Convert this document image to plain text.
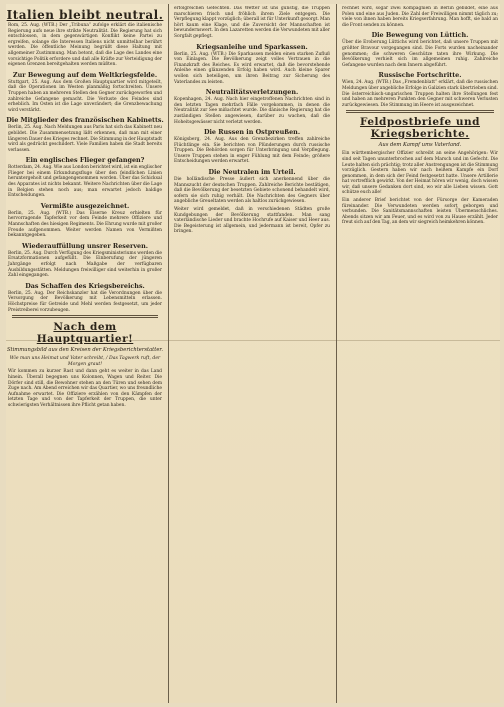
Italien bleibt neutral.
Rom, 25. Aug. (WTB.) Der „Tribuna“ zufolge erklärt die italienische Regierung aufs neue ihre strikte Neutralität. Die Regierung hat sich entschlossen, in dem gegenwärtigen Konflikt keine Partei zu ergreifen, solange die Interessen Italiens nicht unmittelbar berührt werden. Die öffentliche Meinung begrüßt diese Haltung mit allgemeiner Zustimmung. Man betont, daß die Lage des Landes eine vorsichtige Politik erfordere und daß alle Kräfte zur Verteidigung der eigenen Grenzen bereitgehalten werden müßten.
Zur Bewegung auf dem Weltkriegsfelde.
Stuttgart, 25. Aug. Aus dem Großen Hauptquartier wird mitgeteilt, daß die Operationen im Westen planmäßig fortschreiten. Unsere Truppen haben an mehreren Stellen den Gegner zurückgeworfen und zahlreiche Gefangene gemacht. Die Verluste des Feindes sind erheblich. Im Osten ist die Lage unverändert; die Grenzbewachung wird verstärkt.
Die Mitglieder des französischen Kabinetts.
Berlin, 25. Aug. Nach Meldungen aus Paris hat sich das Kabinett neu gebildet. Die Zusammensetzung läßt erkennen, daß man mit einer längeren Dauer des Krieges rechnet. Die Stimmung in der Hauptstadt wird als gedrückt geschildert. Viele Familien haben die Stadt bereits verlassen.
Ein englisches Flieger gefangen?
Rotterdam, 24. Aug. Wie aus London berichtet wird, ist ein englischer Flieger bei einem Erkundungsfluge über den feindlichen Linien heruntergeholt und gefangengenommen worden. Über das Schicksal des Apparates ist nichts bekannt. Weitere Nachrichten über die Lage in Belgien stehen noch aus; man erwartet jedoch baldige Entscheidungen.
Vermißte ausgezeichnet.
Berlin, 25. Aug. (WTB.) Das Eiserne Kreuz erhielten für hervorragende Tapferkeit vor dem Feinde mehrere Offiziere und Mannschaften des hiesigen Regiments. Die Ehrung wurde mit großer Freude aufgenommen. Weiter werden Namen von Vermißten bekanntgegeben.
Wiederauffüllung unsrer Reserven.
Berlin, 25. Aug. Durch Verfügung des Kriegsministeriums werden die Ersatzformationen aufgefüllt. Die Einberufung der jüngeren Jahrgänge erfolgt nach Maßgabe der verfügbaren Ausbildungsstätten. Meldungen freiwilliger sind weiterhin in großer Zahl eingegangen.
Das Schaffen des Kriegsbereichs.
Berlin, 25. Aug. Der Reichskanzler hat die Verordnungen über die Versorgung der Bevölkerung mit Lebensmitteln erlassen. Höchstpreise für Getreide und Mehl werden festgesetzt, um jeder Preistreiberei vorzubeugen.
Nach dem Hauptquartier!
Stimmungsbild aus den Kreisen der Kriegsberichterstatter.
Wie man uns Heimat und Vater schreibt, / Das Tagwerk ruft, der Morgen graut!
Wir kommen zu kurzer Rast und dann geht es weiter in das Land hinein. Überall begegnen uns Kolonnen, Wagen und Reiter. Die Dörfer sind still, die Bewohner stehen an den Türen und sehen dem Zuge nach. Am Abend erreichen wir das Quartier, wo uns freundliche Aufnahme erwartet. Die Offiziere erzählen von den Kämpfen der letzten Tage und von der Tapferkeit der Truppen, die unter schwierigsten Verhältnissen ihre Pflicht getan haben.
erfolgreichen Gefechten. Das Wetter ist uns günstig, die Truppen marschieren frisch und fröhlich ihrem Ziele entgegen. Die Verpflegung klappt vorzüglich; überall ist für Unterkunft gesorgt. Man hört kaum eine Klage, und die Zuversicht der Mannschaften ist bewundernswert. In den Lazaretten werden die Verwundeten mit aller Sorgfalt gepflegt.
Kriegsanleihe und Sparkassen.
Berlin, 25. Aug. (WTB.) Die Sparkassen melden einen starken Zufluß von Einlagen. Die Bevölkerung zeigt volles Vertrauen in die Finanzkraft des Reiches. Es wird erwartet, daß die bevorstehende Anleihe einen glänzenden Erfolg haben wird. Auch kleine Sparer wollen sich beteiligen, um ihren Beitrag zur Sicherung des Vaterlandes zu leisten.
Neutralitätsverletzungen.
Kopenhagen, 24. Aug. Nach hier eingetroffenen Nachrichten sind in den letzten Tagen mehrfach Fälle vorgekommen, in denen die Neutralität zur See mißachtet wurde. Die dänische Regierung hat die zuständigen Stellen angewiesen, darüber zu wachen, daß die Hoheitsgewässer nicht verletzt werden.
Die Russen in Ostpreußen.
Königsberg, 24. Aug. Aus den Grenzbezirken treffen zahlreiche Flüchtlinge ein. Sie berichten von Plünderungen durch russische Truppen. Die Behörden sorgen für Unterbringung und Verpflegung. Unsere Truppen stehen in enger Fühlung mit dem Feinde; größere Entscheidungen werden erwartet.
Die Neutralen im Urteil.
Die holländische Presse äußert sich anerkennend über die Mannszucht der deutschen Truppen. Zahlreiche Berichte bestätigen, daß die Bevölkerung der besetzten Gebiete schonend behandelt wird, sofern sie sich ruhig verhält. Die Nachrichten des Gegners über angebliche Greueltaten werden als haltlos zurückgewiesen.
Weiter wird gemeldet, daß in verschiedenen Städten große Kundgebungen der Bevölkerung stattfanden. Man sang vaterländische Lieder und brachte Hochrufe auf Kaiser und Heer aus. Die Begeisterung ist allgemein, und jedermann ist bereit, Opfer zu bringen.
rechnet wird, sogar zwei Kompagnien in Berlin gebildet, eine aus Polen und eine aus Juden. Die Zahl der Freiwilligen nimmt täglich zu; viele von ihnen haben bereits Kriegserfahrung. Man hofft, sie bald an die Front senden zu können.
Die Bewegung von Lüttich.
Über die Eroberung Lüttichs wird berichtet, daß unsere Truppen mit größter Bravour vorgegangen sind. Die Forts wurden nacheinander genommen; die schweren Geschütze taten ihre Wirkung. Die Bevölkerung verhielt sich im allgemeinen ruhig. Zahlreiche Gefangene wurden nach dem Innern abgeführt.
Russische Fortschritte.
Wien, 24. Aug. (WTB.) Das „Fremdenblatt“ erklärt, daß die russischen Meldungen über angebliche Erfolge in Galizien stark übertrieben sind. Die österreichisch-ungarischen Truppen halten ihre Stellungen fest und haben an mehreren Punkten den Gegner mit schweren Verlusten zurückgewiesen. Die Stimmung im Heere ist ausgezeichnet.
Feldpostbriefe und Kriegsberichte.
Aus dem Kampf ums Vaterland.
Ein württembergischer Offizier schreibt an seine Angehörigen: Wir sind seit Tagen ununterbrochen auf dem Marsch und im Gefecht. Die Leute halten sich prächtig; trotz aller Anstrengungen ist die Stimmung vorzüglich. Gestern haben wir nach heißem Kampfe ein Dorf genommen, in dem sich der Feind festgesetzt hatte. Unsere Artillerie hat vortrefflich gewirkt. Von der Heimat hören wir wenig, doch wissen wir, daß unsere Gedanken dort sind, wo wir alle Lieben wissen. Gott schütze euch alle!
Ein anderer Brief berichtet von der Fürsorge der Kameraden füreinander. Die Verwundeten werden sofort geborgen und verbunden. Die Sanitätsmannschaften leisten Übermenschliches. Abends sitzen wir am Feuer, und es wird von zu Hause erzählt. Jeder freut sich auf den Tag, an dem wir siegreich heimkehren können.
